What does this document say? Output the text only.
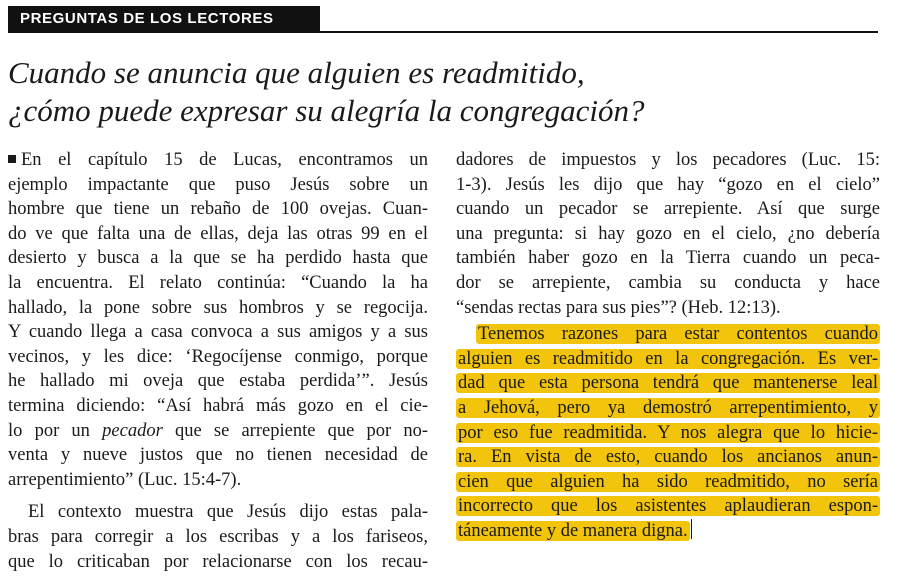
PREGUNTAS DE LOS LECTORES
Cuando se anuncia que alguien es readmitido,
¿cómo puede expresar su alegría la congregación?
En el capítulo 15 de Lucas, encontramos un
ejemplo impactante que puso Jesús sobre un
hombre que tiene un rebaño de 100 ovejas. Cuan-
do ve que falta una de ellas, deja las otras 99 en el
desierto y busca a la que se ha perdido hasta que
la encuentra. El relato continúa: “Cuando la ha
hallado, la pone sobre sus hombros y se regocija.
Y cuando llega a casa convoca a sus amigos y a sus
vecinos, y les dice: ‘Regocíjense conmigo, porque
he hallado mi oveja que estaba perdida’”. Jesús
termina diciendo: “Así habrá más gozo en el cie-
lo por un pecador que se arrepiente que por no-
venta y nueve justos que no tienen necesidad de
arrepentimiento” (Luc. 15:4-7).
El contexto muestra que Jesús dijo estas pala-
bras para corregir a los escribas y a los fariseos,
que lo criticaban por relacionarse con los recau-
dadores de impuestos y los pecadores (Luc. 15:
1-3). Jesús les dijo que hay “gozo en el cielo”
cuando un pecador se arrepiente. Así que surge
una pregunta: si hay gozo en el cielo, ¿no debería
también haber gozo en la Tierra cuando un peca-
dor se arrepiente, cambia su conducta y hace
“sendas rectas para sus pies”? (Heb. 12:13).
Tenemos razones para estar contentos cuando
alguien es readmitido en la congregación. Es ver-
dad que esta persona tendrá que mantenerse leal
a Jehová, pero ya demostró arrepentimiento, y
por eso fue readmitida. Y nos alegra que lo hicie-
ra. En vista de esto, cuando los ancianos anun-
cien que alguien ha sido readmitido, no sería
incorrecto que los asistentes aplaudieran espon-
táneamente y de manera digna.
